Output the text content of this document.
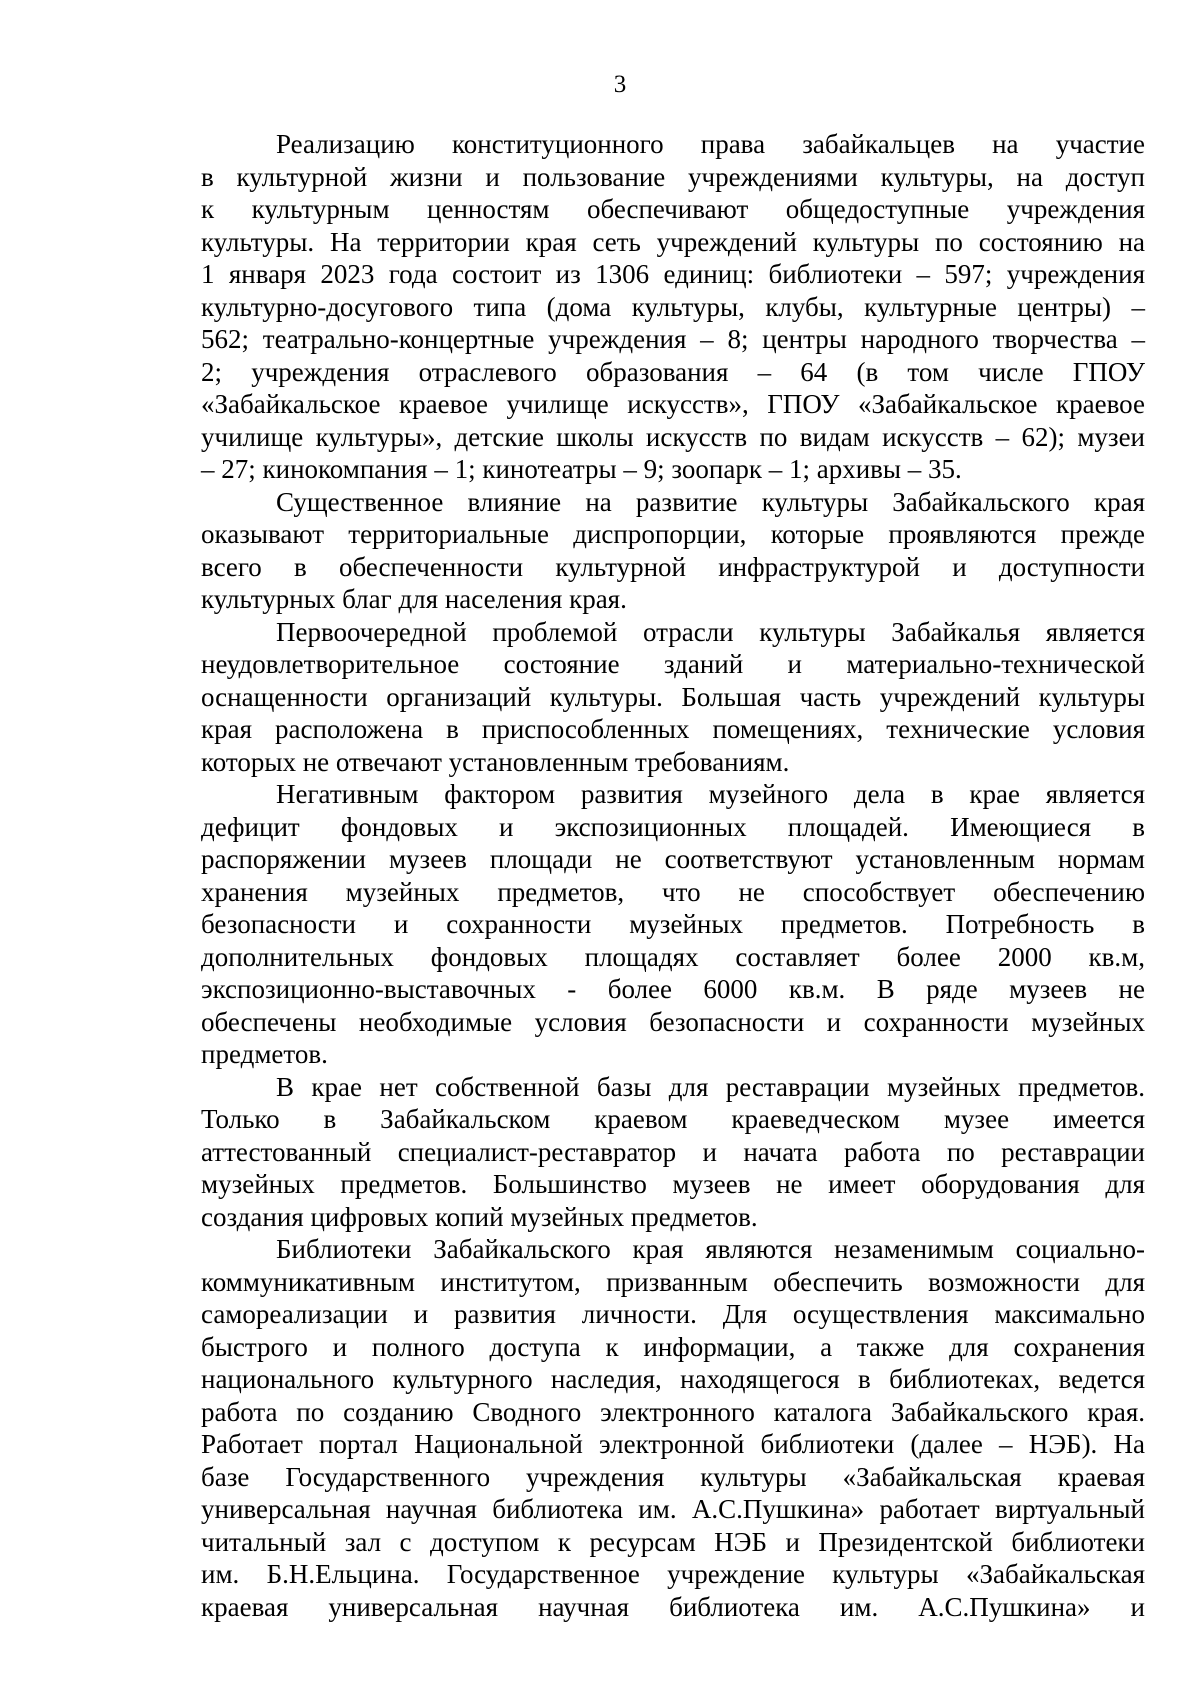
3
Реализацию конституционного права забайкальцев на участие
в культурной жизни и пользование учреждениями культуры, на доступ
к культурным ценностям обеспечивают общедоступные учреждения
культуры. На территории края сеть учреждений культуры по состоянию на
1 января 2023 года состоит из 1306 единиц: библиотеки – 597; учреждения
культурно-досугового типа (дома культуры, клубы, культурные центры) –
562; театрально-концертные учреждения – 8; центры народного творчества –
2; учреждения отраслевого образования – 64 (в том числе ГПОУ
«Забайкальское краевое училище искусств», ГПОУ «Забайкальское краевое
училище культуры», детские школы искусств по видам искусств – 62); музеи
– 27; кинокомпания – 1; кинотеатры – 9; зоопарк – 1; архивы – 35.
Существенное влияние на развитие культуры Забайкальского края
оказывают территориальные диспропорции, которые проявляются прежде
всего в обеспеченности культурной инфраструктурой и доступности
культурных благ для населения края.
Первоочередной проблемой отрасли культуры Забайкалья является
неудовлетворительное состояние зданий и материально-технической
оснащенности организаций культуры. Большая часть учреждений культуры
края расположена в приспособленных помещениях, технические условия
которых не отвечают установленным требованиям.
Негативным фактором развития музейного дела в крае является
дефицит фондовых и экспозиционных площадей. Имеющиеся в
распоряжении музеев площади не соответствуют установленным нормам
хранения музейных предметов, что не способствует обеспечению
безопасности и сохранности музейных предметов. Потребность в
дополнительных фондовых площадях составляет более 2000 кв.м,
экспозиционно-выставочных - более 6000 кв.м. В ряде музеев не
обеспечены необходимые условия безопасности и сохранности музейных
предметов.
В крае нет собственной базы для реставрации музейных предметов.
Только в Забайкальском краевом краеведческом музее имеется
аттестованный специалист-реставратор и начата работа по реставрации
музейных предметов. Большинство музеев не имеет оборудования для
создания цифровых копий музейных предметов.
Библиотеки Забайкальского края являются незаменимым социально-
коммуникативным институтом, призванным обеспечить возможности для
самореализации и развития личности. Для осуществления максимально
быстрого и полного доступа к информации, а также для сохранения
национального культурного наследия, находящегося в библиотеках, ведется
работа по созданию Сводного электронного каталога Забайкальского края.
Работает портал Национальной электронной библиотеки (далее – НЭБ). На
базе Государственного учреждения культуры «Забайкальская краевая
универсальная научная библиотека им. А.С.Пушкина» работает виртуальный
читальный зал с доступом к ресурсам НЭБ и Президентской библиотеки
им. Б.Н.Ельцина. Государственное учреждение культуры «Забайкальская
краевая универсальная научная библиотека им. А.С.Пушкина» и
